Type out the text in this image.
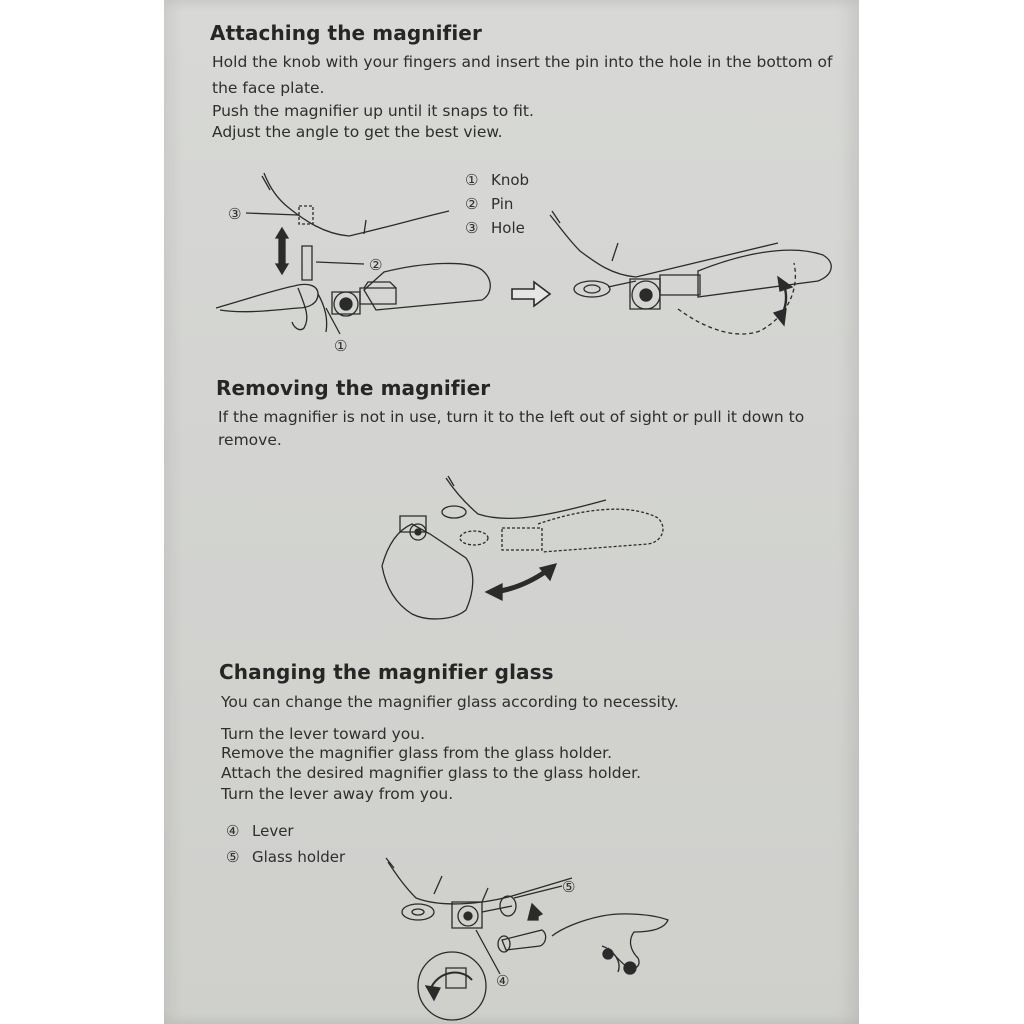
Attaching the magnifier

Hold the knob with your fingers and insert the pin into the hole in the bottom of

the face plate.

Push the magnifier up until it snaps to fit.

Adjust the angle to get the best view.

① Knob
② Pin
③ Hole
③
②
①
Removing the magnifier

If the magnifier is not in use, turn it to the left out of sight or pull it down to

remove.

Changing the magnifier glass

You can change the magnifier glass according to necessity.

Turn the lever toward you.

Remove the magnifier glass from the glass holder.

Attach the desired magnifier glass to the glass holder.

Turn the lever away from you.

④ Lever
⑤ Glass holder
⑤
④
